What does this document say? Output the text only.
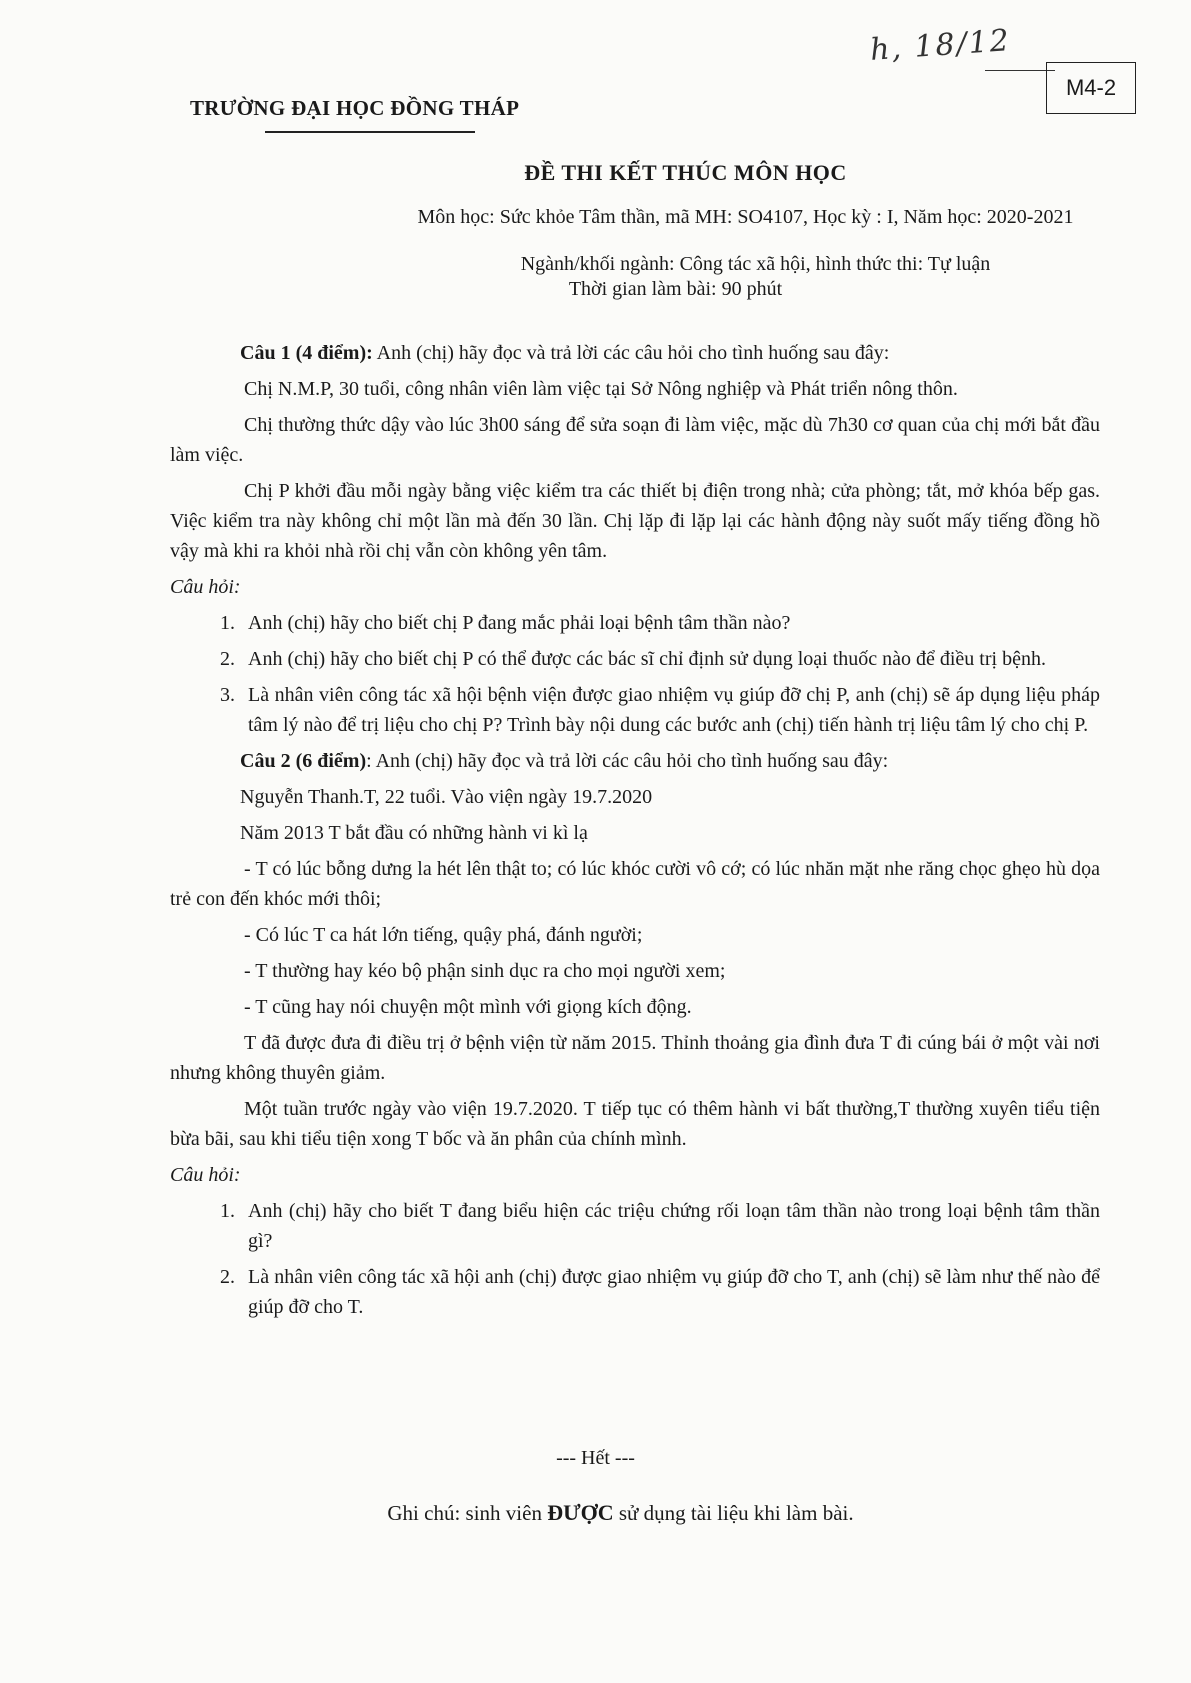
h, 18/12
M4-2
TRƯỜNG ĐẠI HỌC ĐỒNG THÁP
ĐỀ THI KẾT THÚC MÔN HỌC
Môn học: Sức khỏe Tâm thần, mã MH: SO4107, Học kỳ : I, Năm học: 2020-2021
Ngành/khối ngành: Công tác xã hội, hình thức thi: Tự luận
Thời gian làm bài: 90 phút

Câu 1 (4 điểm): Anh (chị) hãy đọc và trả lời các câu hỏi cho tình huống sau đây:

Chị N.M.P, 30 tuổi, công nhân viên làm việc tại Sở Nông nghiệp và Phát triển nông thôn.

Chị thường thức dậy vào lúc 3h00 sáng để sửa soạn đi làm việc, mặc dù 7h30 cơ quan của chị mới bắt đầu làm việc.

Chị P khởi đầu mỗi ngày bằng việc kiểm tra các thiết bị điện trong nhà; cửa phòng; tắt, mở khóa bếp gas. Việc kiểm tra này không chỉ một lần mà đến 30 lần. Chị lặp đi lặp lại các hành động này suốt mấy tiếng đồng hồ vậy mà khi ra khỏi nhà rồi chị vẫn còn không yên tâm.

Câu hỏi:

1. Anh (chị) hãy cho biết chị P đang mắc phải loại bệnh tâm thần nào?
2. Anh (chị) hãy cho biết chị P có thể được các bác sĩ chỉ định sử dụng loại thuốc nào để điều trị bệnh.
3. Là nhân viên công tác xã hội bệnh viện được giao nhiệm vụ giúp đỡ chị P, anh (chị) sẽ áp dụng liệu pháp tâm lý nào để trị liệu cho chị P? Trình bày nội dung các bước anh (chị) tiến hành trị liệu tâm lý cho chị P.

Câu 2 (6 điểm): Anh (chị) hãy đọc và trả lời các câu hỏi cho tình huống sau đây:

Nguyễn Thanh.T, 22 tuổi. Vào viện ngày 19.7.2020

Năm 2013 T bắt đầu có những hành vi kì lạ

- T có lúc bỗng dưng la hét lên thật to; có lúc khóc cười vô cớ; có lúc nhăn mặt nhe răng chọc ghẹo hù dọa trẻ con đến khóc mới thôi;

- Có lúc T ca hát lớn tiếng, quậy phá, đánh người;

- T thường hay kéo bộ phận sinh dục ra cho mọi người xem;

- T cũng hay nói chuyện một mình với giọng kích động.

T đã được đưa đi điều trị ở bệnh viện từ năm 2015. Thỉnh thoảng gia đình đưa T đi cúng bái ở một vài nơi nhưng không thuyên giảm.

Một tuần trước ngày vào viện 19.7.2020. T tiếp tục có thêm hành vi bất thường,T thường xuyên tiểu tiện bừa bãi, sau khi tiểu tiện xong T bốc và ăn phân của chính mình.

Câu hỏi:

1. Anh (chị) hãy cho biết T đang biểu hiện các triệu chứng rối loạn tâm thần nào trong loại bệnh tâm thần gì?
2. Là nhân viên công tác xã hội anh (chị) được giao nhiệm vụ giúp đỡ cho T, anh (chị) sẽ làm như thế nào để giúp đỡ cho T.
--- Hết ---
Ghi chú: sinh viên ĐƯỢC sử dụng tài liệu khi làm bài.
